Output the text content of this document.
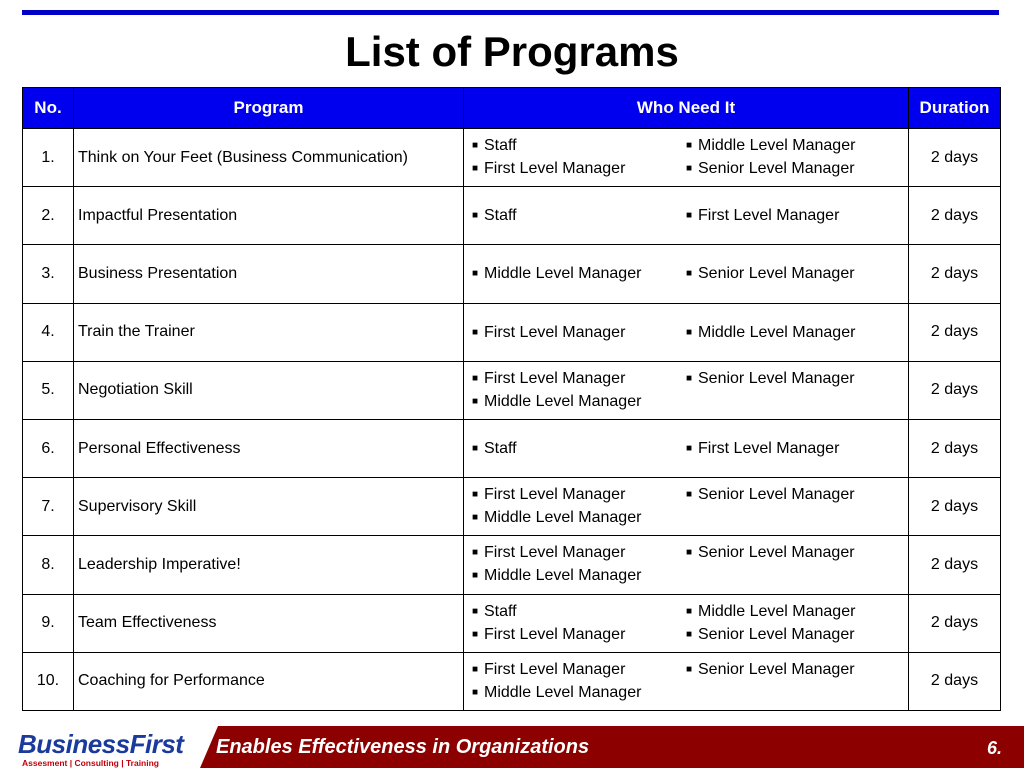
List of Programs
No.	Program	Who Need It	Duration
1.	Think on Your Feet (Business Communication)	■ Staff
■ First Level Manager
■ Middle Level Manager
■ Senior Level Manager	2 days
2.	Impactful Presentation	■ Staff ■ First Level Manager	2 days
3.	Business Presentation	■ Middle Level Manager ■ Senior Level Manager	2 days
4.	Train the Trainer	■ First Level Manager ■ Middle Level Manager	2 days
5.	Negotiation Skill	■ First Level Manager
■ Middle Level Manager
■ Senior Level Manager	2 days
6.	Personal Effectiveness	■ Staff ■ First Level Manager	2 days
7.	Supervisory Skill	■ First Level Manager
■ Middle Level Manager
■ Senior Level Manager	2 days
8.	Leadership Imperative!	■ First Level Manager
■ Middle Level Manager
■ Senior Level Manager	2 days
9.	Team Effectiveness	■ Staff
■ First Level Manager
■ Middle Level Manager
■ Senior Level Manager	2 days
10.	Coaching for Performance	■ First Level Manager
■ Middle Level Manager
■ Senior Level Manager	2 days
BusinessFirst
Assesment | Consulting | Training
Enables Effectiveness in Organizations	6.
